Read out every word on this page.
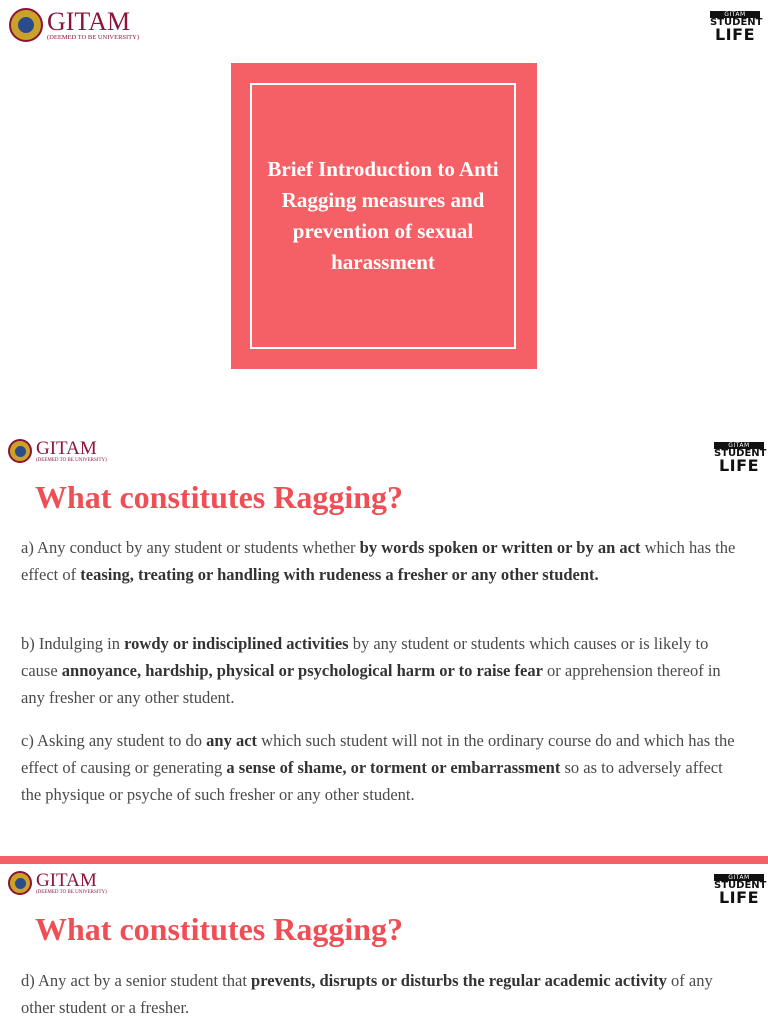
GITAM
(DEEMED TO BE UNIVERSITY)
GITAM
STUDENT
LIFE
Brief Introduction to Anti Ragging measures and prevention of sexual harassment
GITAM
(DEEMED TO BE UNIVERSITY)
GITAM
STUDENT
LIFE
What constitutes Ragging?

a) Any conduct by any student or students whether by words spoken or written or by an act which has the effect of teasing, treating or handling with rudeness a fresher or any other student.

b) Indulging in rowdy or indisciplined activities by any student or students which causes or is likely to cause annoyance, hardship, physical or psychological harm or to raise fear or apprehension thereof in any fresher or any other student.

c) Asking any student to do any act which such student will not in the ordinary course do and which has the effect of causing or generating a sense of shame, or torment or embarrassment so as to adversely affect the physique or psyche of such fresher or any other student.

GITAM
(DEEMED TO BE UNIVERSITY)
GITAM
STUDENT
LIFE
What constitutes Ragging?

d) Any act by a senior student that prevents, disrupts or disturbs the regular academic activity of any other student or a fresher.
